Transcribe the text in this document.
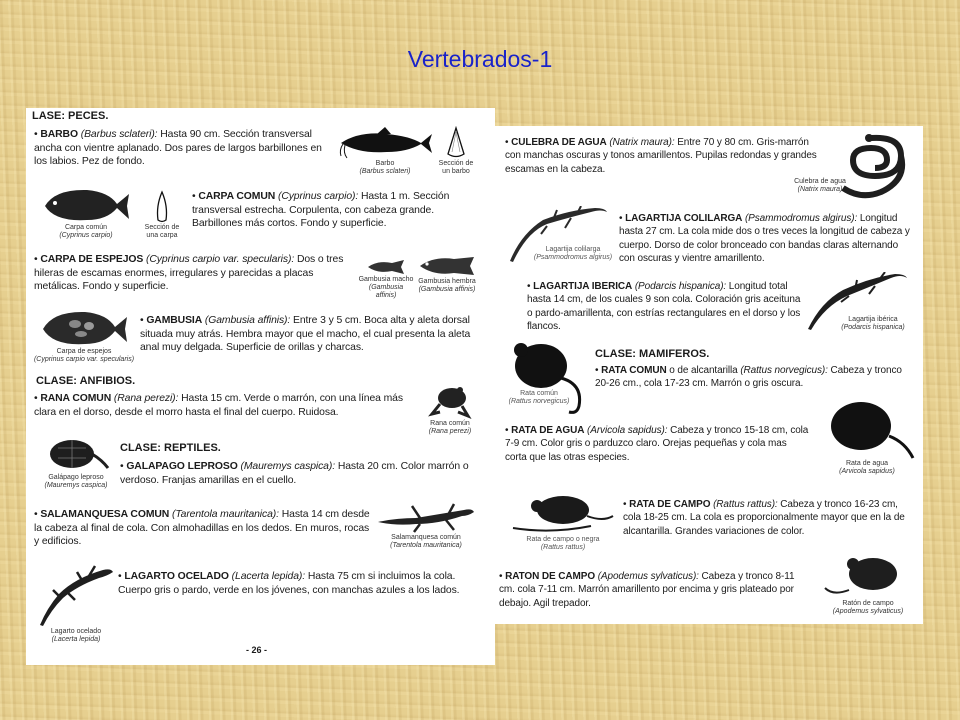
Vertebrados-1
LASE: PECES.
• BARBO (Barbus sclateri): Hasta 90 cm. Sección transversal ancha con vientre aplanado. Dos pares de largos barbillones en los labios. Pez de fondo.	Barbo
(Barbus sclateri)
Sección de un barbo
Carpa común
(Cyprinus carpio)
Sección de una carpa
• CARPA COMUN (Cyprinus carpio): Hasta 1 m. Sección transversal estrecha. Corpulenta, con cabeza grande. Barbillones más cortos. Fondo y superficie.
• CARPA DE ESPEJOS (Cyprinus carpio var. specularis): Dos o tres hileras de escamas enormes, irregulares y parecidas a placas metálicas. Fondo y superficie.
Gambusia macho
(Gambusia affinis)
Gambusia hembra
(Gambusia affinis)
Carpa de espejos
(Cyprinus carpio var. specularis)
• GAMBUSIA (Gambusia affinis): Entre 3 y 5 cm. Boca alta y aleta dorsal situada muy atrás. Hembra mayor que el macho, el cual presenta la aleta anal muy delgada. Superficie de orillas y charcas.
CLASE: ANFIBIOS.
• RANA COMUN (Rana perezi): Hasta 15 cm. Verde o marrón, con una línea más clara en el dorso, desde el morro hasta el final del cuerpo. Ruidosa.
Rana común
(Rana perezi)
Galápago leproso
(Mauremys caspica)
CLASE: REPTILES.
• GALAPAGO LEPROSO (Mauremys caspica): Hasta 20 cm. Color marrón o verdoso. Franjas amarillas en el cuello.
• SALAMANQUESA COMUN (Tarentola mauritanica): Hasta 14 cm desde la cabeza al final de cola. Con almohadillas en los dedos. En muros, rocas y edificios.	Salamanquesa común
(Tarentola mauritanica)
Lagarto ocelado
(Lacerta lepida)
• LAGARTO OCELADO (Lacerta lepida): Hasta 75 cm si incluimos la cola. Cuerpo gris o pardo, verde en los jóvenes, con manchas azules a los lados.
- 26 -
• CULEBRA DE AGUA (Natrix maura): Entre 70 y 80 cm. Gris-marrón con manchas oscuras y tonos amarillentos. Pupilas redondas y grandes escamas en la cabeza.
Culebra de agua
(Natrix maura)
Lagartija colilarga
(Psammodromus algirus)
• LAGARTIJA COLILARGA (Psammodromus algirus): Longitud hasta 27 cm. La cola mide dos o tres veces la longitud de cabeza y cuerpo. Dorso de color bronceado con bandas claras alternando con oscuras y vientre amarillento.
• LAGARTIJA IBERICA (Podarcis hispanica): Longitud total hasta 14 cm, de los cuales 9 son cola. Coloración gris aceituna o pardo-amarillenta, con estrías rectangulares en el dorso y los flancos.
Lagartija ibérica
(Podarcis hispanica)
Rata común
(Rattus norvegicus)
CLASE: MAMIFEROS.
• RATA COMUN o de alcantarilla (Rattus norvegicus): Cabeza y tronco 20-26 cm., cola 17-23 cm. Marrón o gris oscura.
• RATA DE AGUA (Arvicola sapidus): Cabeza y tronco 15-18 cm, cola 7-9 cm. Color gris o parduzco claro. Orejas pequeñas y cola mas corta que las otras especies.
Rata de agua
(Arvicola sapidus)
Rata de campo o negra
(Rattus rattus)
• RATA DE CAMPO (Rattus rattus): Cabeza y tronco 16-23 cm, cola 18-25 cm. La cola es proporcionalmente mayor que en la de alcantarilla. Grandes variaciones de color.
• RATON DE CAMPO (Apodemus sylvaticus): Cabeza y tronco 8-11 cm. cola 7-11 cm. Marrón amarillento por encima y gris plateado por debajo. Agil trepador.	Ratón de campo
(Apodemus sylvaticus)
